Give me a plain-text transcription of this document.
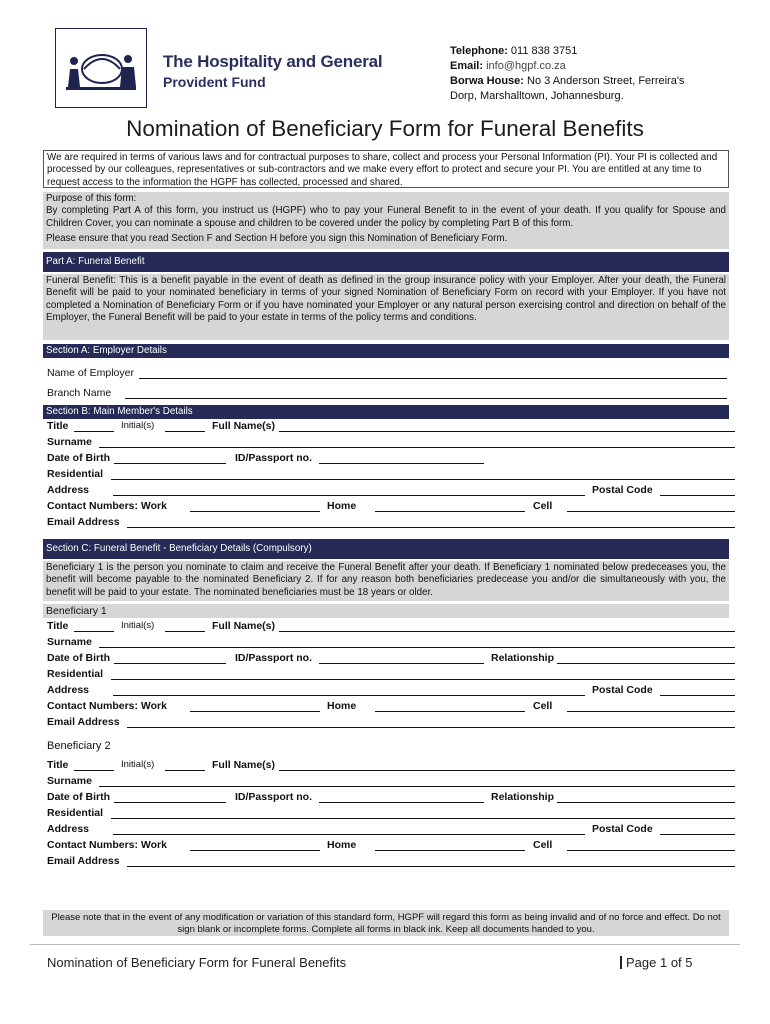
The Hospitality and General
Provident Fund
Telephone: 011 838 3751
Email: info@hgpf.co.za
Borwa House: No 3 Anderson Street, Ferreira's
Dorp, Marshalltown, Johannesburg.
Nomination of Beneficiary Form for Funeral Benefits
We are required in terms of various laws and for contractual purposes to share, collect and process your Personal Information (PI). Your PI is collected and processed by our colleagues, representatives or sub-contractors and we make every effort to protect and secure your PI. You are entitled at any time to request access to the information the HGPF has collected, processed and shared.
Purpose of this form:
By completing Part A of this form, you instruct us (HGPF) who to pay your Funeral Benefit to in the event of your death. If you qualify for Spouse and Children Cover, you can nominate a spouse and children to be covered under the policy by completing Part B of this form.
Please ensure that you read Section F and Section H before you sign this Nomination of Beneficiary Form.
Part A: Funeral Benefit
Funeral Benefit: This is a benefit payable in the event of death as defined in the group insurance policy with your Employer. After your death, the Funeral Benefit will be paid to your nominated beneficiary in terms of your signed Nomination of Beneficiary Form on record with your Employer. If you have not completed a Nomination of Beneficiary Form or if you have nominated your Employer or any natural person exercising control and direction on behalf of the Employer, the Funeral Benefit will be paid to your estate in terms of the policy terms and conditions.
Section A: Employer Details
Name of Employer
Branch Name
Section B: Main Member's Details
Title	Initial(s)	Full Name(s)
Surname
Date of Birth	ID/Passport no.
Residential
Address	Postal Code
Contact Numbers: Work	Home	Cell
Email Address
Section C: Funeral Benefit - Beneficiary Details (Compulsory)
Beneficiary 1 is the person you nominate to claim and receive the Funeral Benefit after your death. If Beneficiary 1 nominated below predeceases you, the benefit will become payable to the nominated Beneficiary 2. If for any reason both beneficiaries predecease you and/or die simultaneously with you, the benefit will be paid to your estate. The nominated beneficiaries must be 18 years or older.
Beneficiary 1
Title	Initial(s)	Full Name(s)
Surname
Date of Birth	ID/Passport no.	Relationship
Residential
Address	Postal Code
Contact Numbers: Work	Home	Cell
Email Address
Beneficiary 2
Title	Initial(s)	Full Name(s)
Surname
Date of Birth	ID/Passport no.	Relationship
Residential
Address	Postal Code
Contact Numbers: Work	Home	Cell
Email Address
Please note that in the event of any modification or variation of this standard form, HGPF will regard this form as being invalid and of no force and effect. Do not sign blank or incomplete forms. Complete all forms in black ink. Keep all documents handed to you.
Nomination of Beneficiary Form for Funeral Benefits	Page 1 of 5
